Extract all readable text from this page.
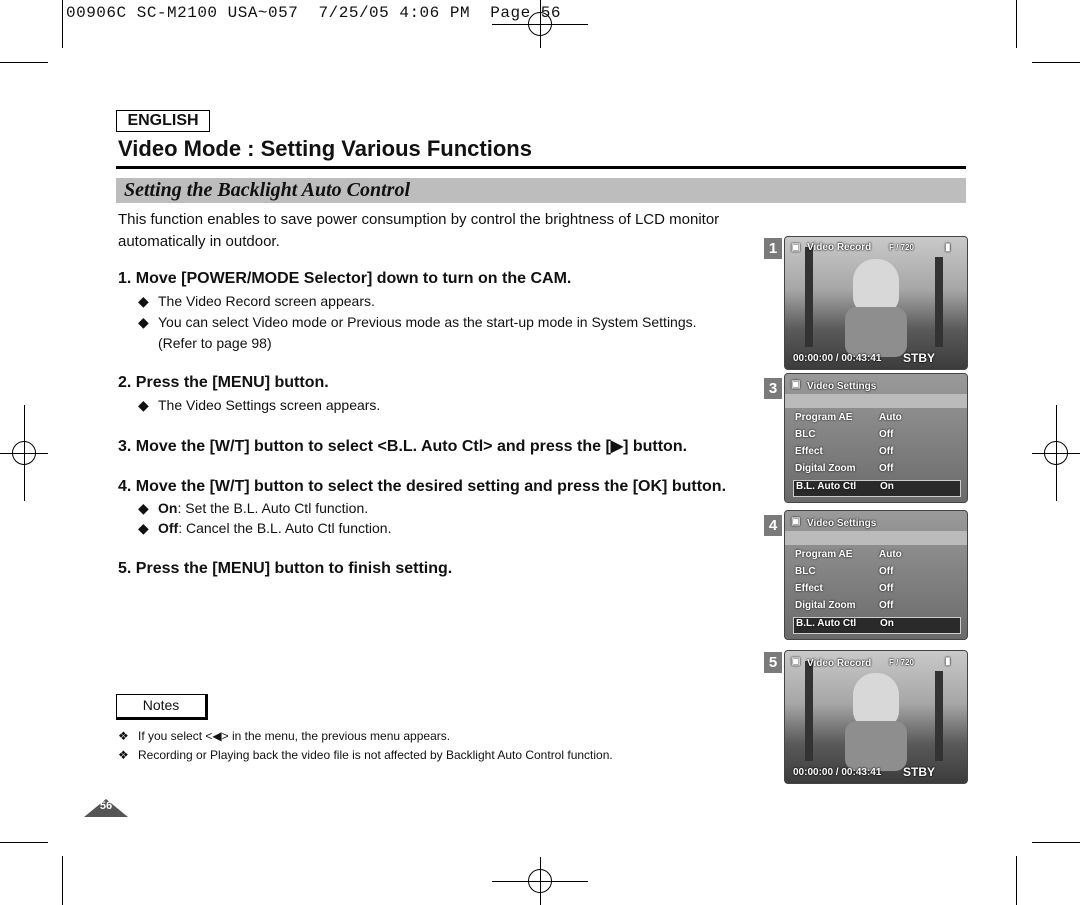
00906C SC-M2100 USA~057  7/25/05 4:06 PM  Page 56
ENGLISH
Video Mode : Setting Various Functions
Setting the Backlight Auto Control
This function enables to save power consumption by control the brightness of LCD monitor automatically in outdoor.
1. Move [POWER/MODE Selector] down to turn on the CAM.
◆ The Video Record screen appears.
◆ You can select Video mode or Previous mode as the start-up mode in System Settings.
(Refer to page 98)
2. Press the [MENU] button.
◆ The Video Settings screen appears.
3. Move the [W/T] button to select <B.L. Auto Ctl> and press the [▶] button.
4. Move the [W/T] button to select the desired setting and press the [OK] button.
◆ On: Set the B.L. Auto Ctl function.
◆ Off: Cancel the B.L. Auto Ctl function.
5. Press the [MENU] button to finish setting.
Notes
❖ If you select <◀> in the menu, the previous menu appears.
❖ Recording or Playing back the video file is not affected by Backlight Auto Control function.
56
1	▣ Video Record F / 720	▮
00:00:00 / 00:43:41 STBY
3	▣ Video Settings
Program AE	Auto
BLC	Off
Effect	Off
Digital Zoom Off
B.L. Auto Ctl On
4	▣ Video Settings
Program AE	Auto
BLC	Off
Effect	Off
Digital Zoom Off
B.L. Auto Ctl On
5	▣ Video Record F / 720	▮
00:00:00 / 00:43:41 STBY
